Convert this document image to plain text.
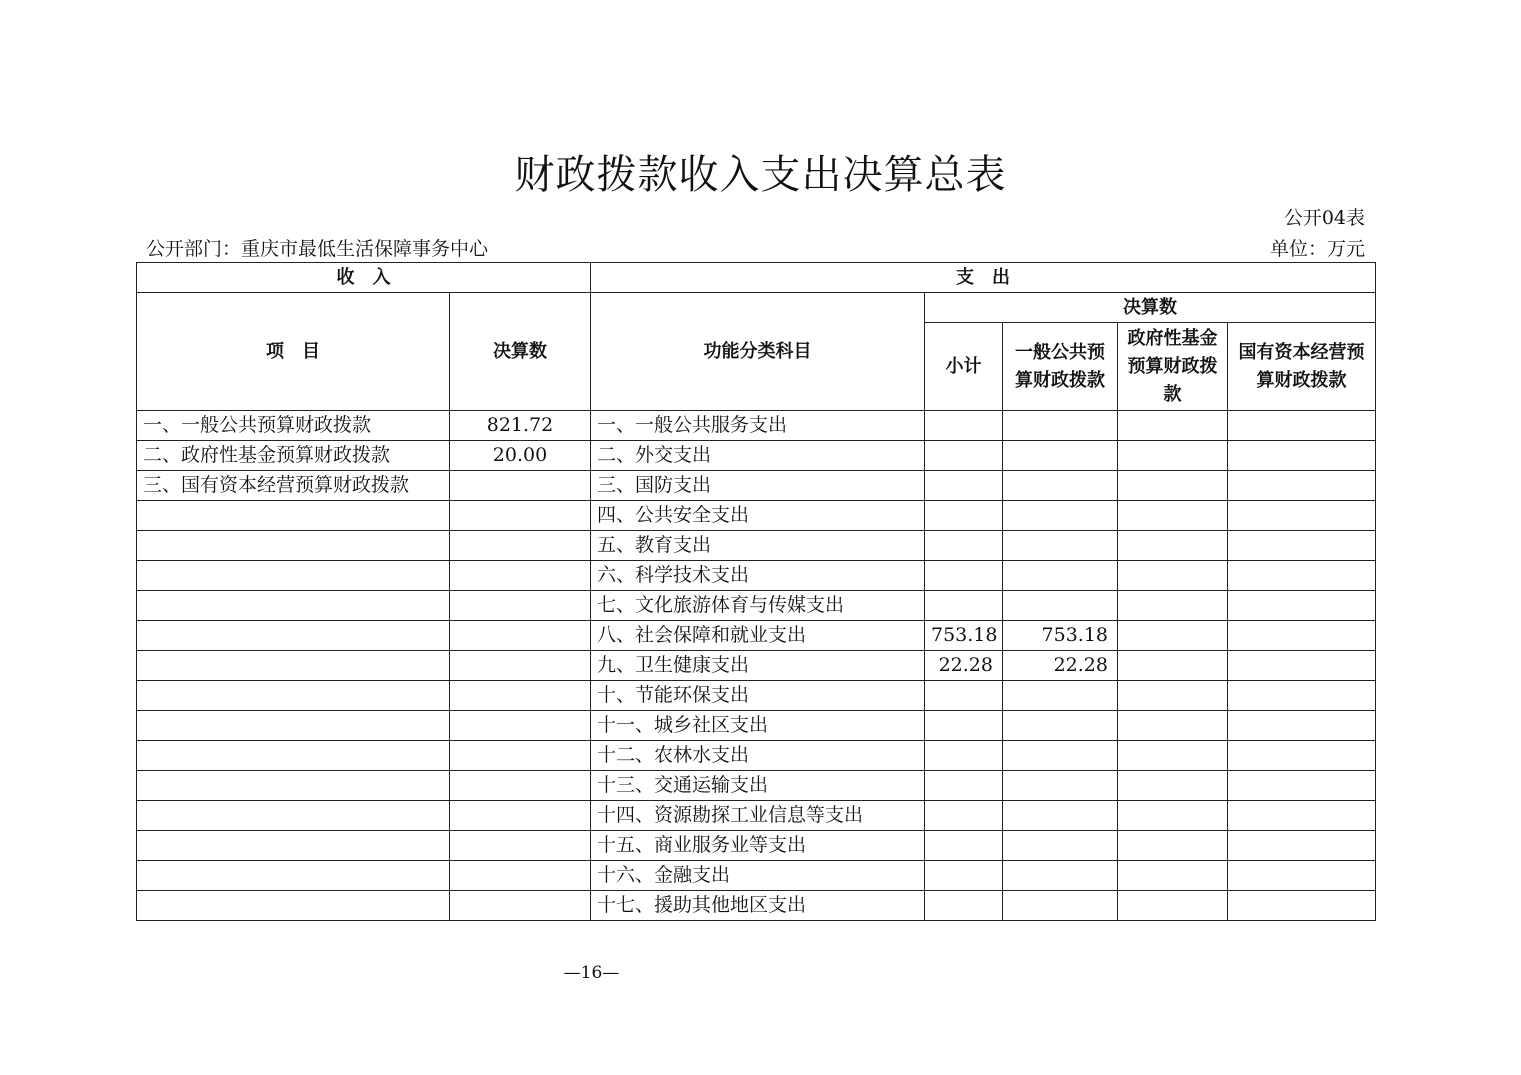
财政拨款收入支出决算总表
公开04表
公开部门：重庆市最低生活保障事务中心	单位：万元
收　入		支　出				
项　目	决算数	功能分类科目	决算数			
			小计	一般公共预算财政拨款	政府性基金预算财政拨款	国有资本经营预算财政拨款
一、一般公共预算财政拨款	821.72	一、一般公共服务支出				
二、政府性基金预算财政拨款	20.00	二、外交支出				
三、国有资本经营预算财政拨款		三、国防支出				
		四、公共安全支出				
		五、教育支出				
		六、科学技术支出				
		七、文化旅游体育与传媒支出				
		八、社会保障和就业支出	753.18	753.18		
		九、卫生健康支出	22.28	22.28		
		十、节能环保支出				
		十一、城乡社区支出				
		十二、农林水支出				
		十三、交通运输支出				
		十四、资源勘探工业信息等支出				
		十五、商业服务业等支出				
		十六、金融支出				
		十七、援助其他地区支出				
—16—
